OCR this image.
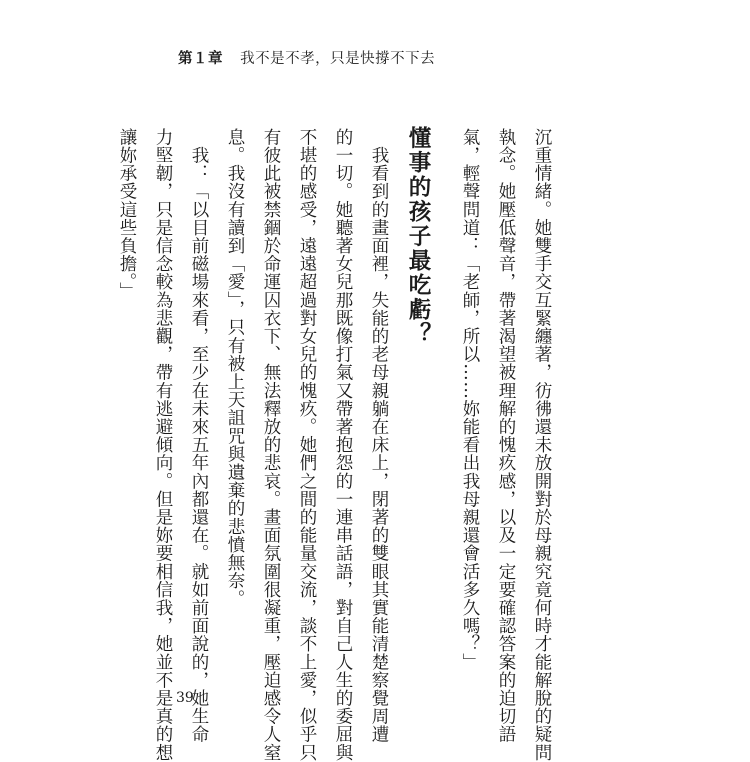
第１章 我不是不孝，只是快撐不下去
沉重情緒。她雙手交互緊纏著，彷彿還未放開對於母親究竟何時才能解脫的疑問
執念。她壓低聲音，帶著渴望被理解的愧疚感，以及一定要確認答案的迫切語
氣，輕聲問道：「老師，所以……妳能看出我母親還會活多久嗎？」
懂事的孩子最吃虧？
　我看到的畫面裡，失能的老母親躺在床上，閉著的雙眼其實能清楚察覺周遭
的一切。她聽著女兒那既像打氣又帶著抱怨的一連串話語，對自己人生的委屈與
不堪的感受，遠遠超過對女兒的愧疚。她們之間的能量交流，談不上愛，似乎只
有彼此被禁錮於命運囚衣下、無法釋放的悲哀。畫面氛圍很凝重，壓迫感令人窒
息。我沒有讀到「愛」，只有被上天詛咒與遺棄的悲憤無奈。
　我：「以目前磁場來看，至少在未來五年內都還在。就如前面說的，她生命
力堅韌，只是信念較為悲觀，帶有逃避傾向。但是妳要相信我，她並不是真的想
讓妳承受這些負擔。」
39
